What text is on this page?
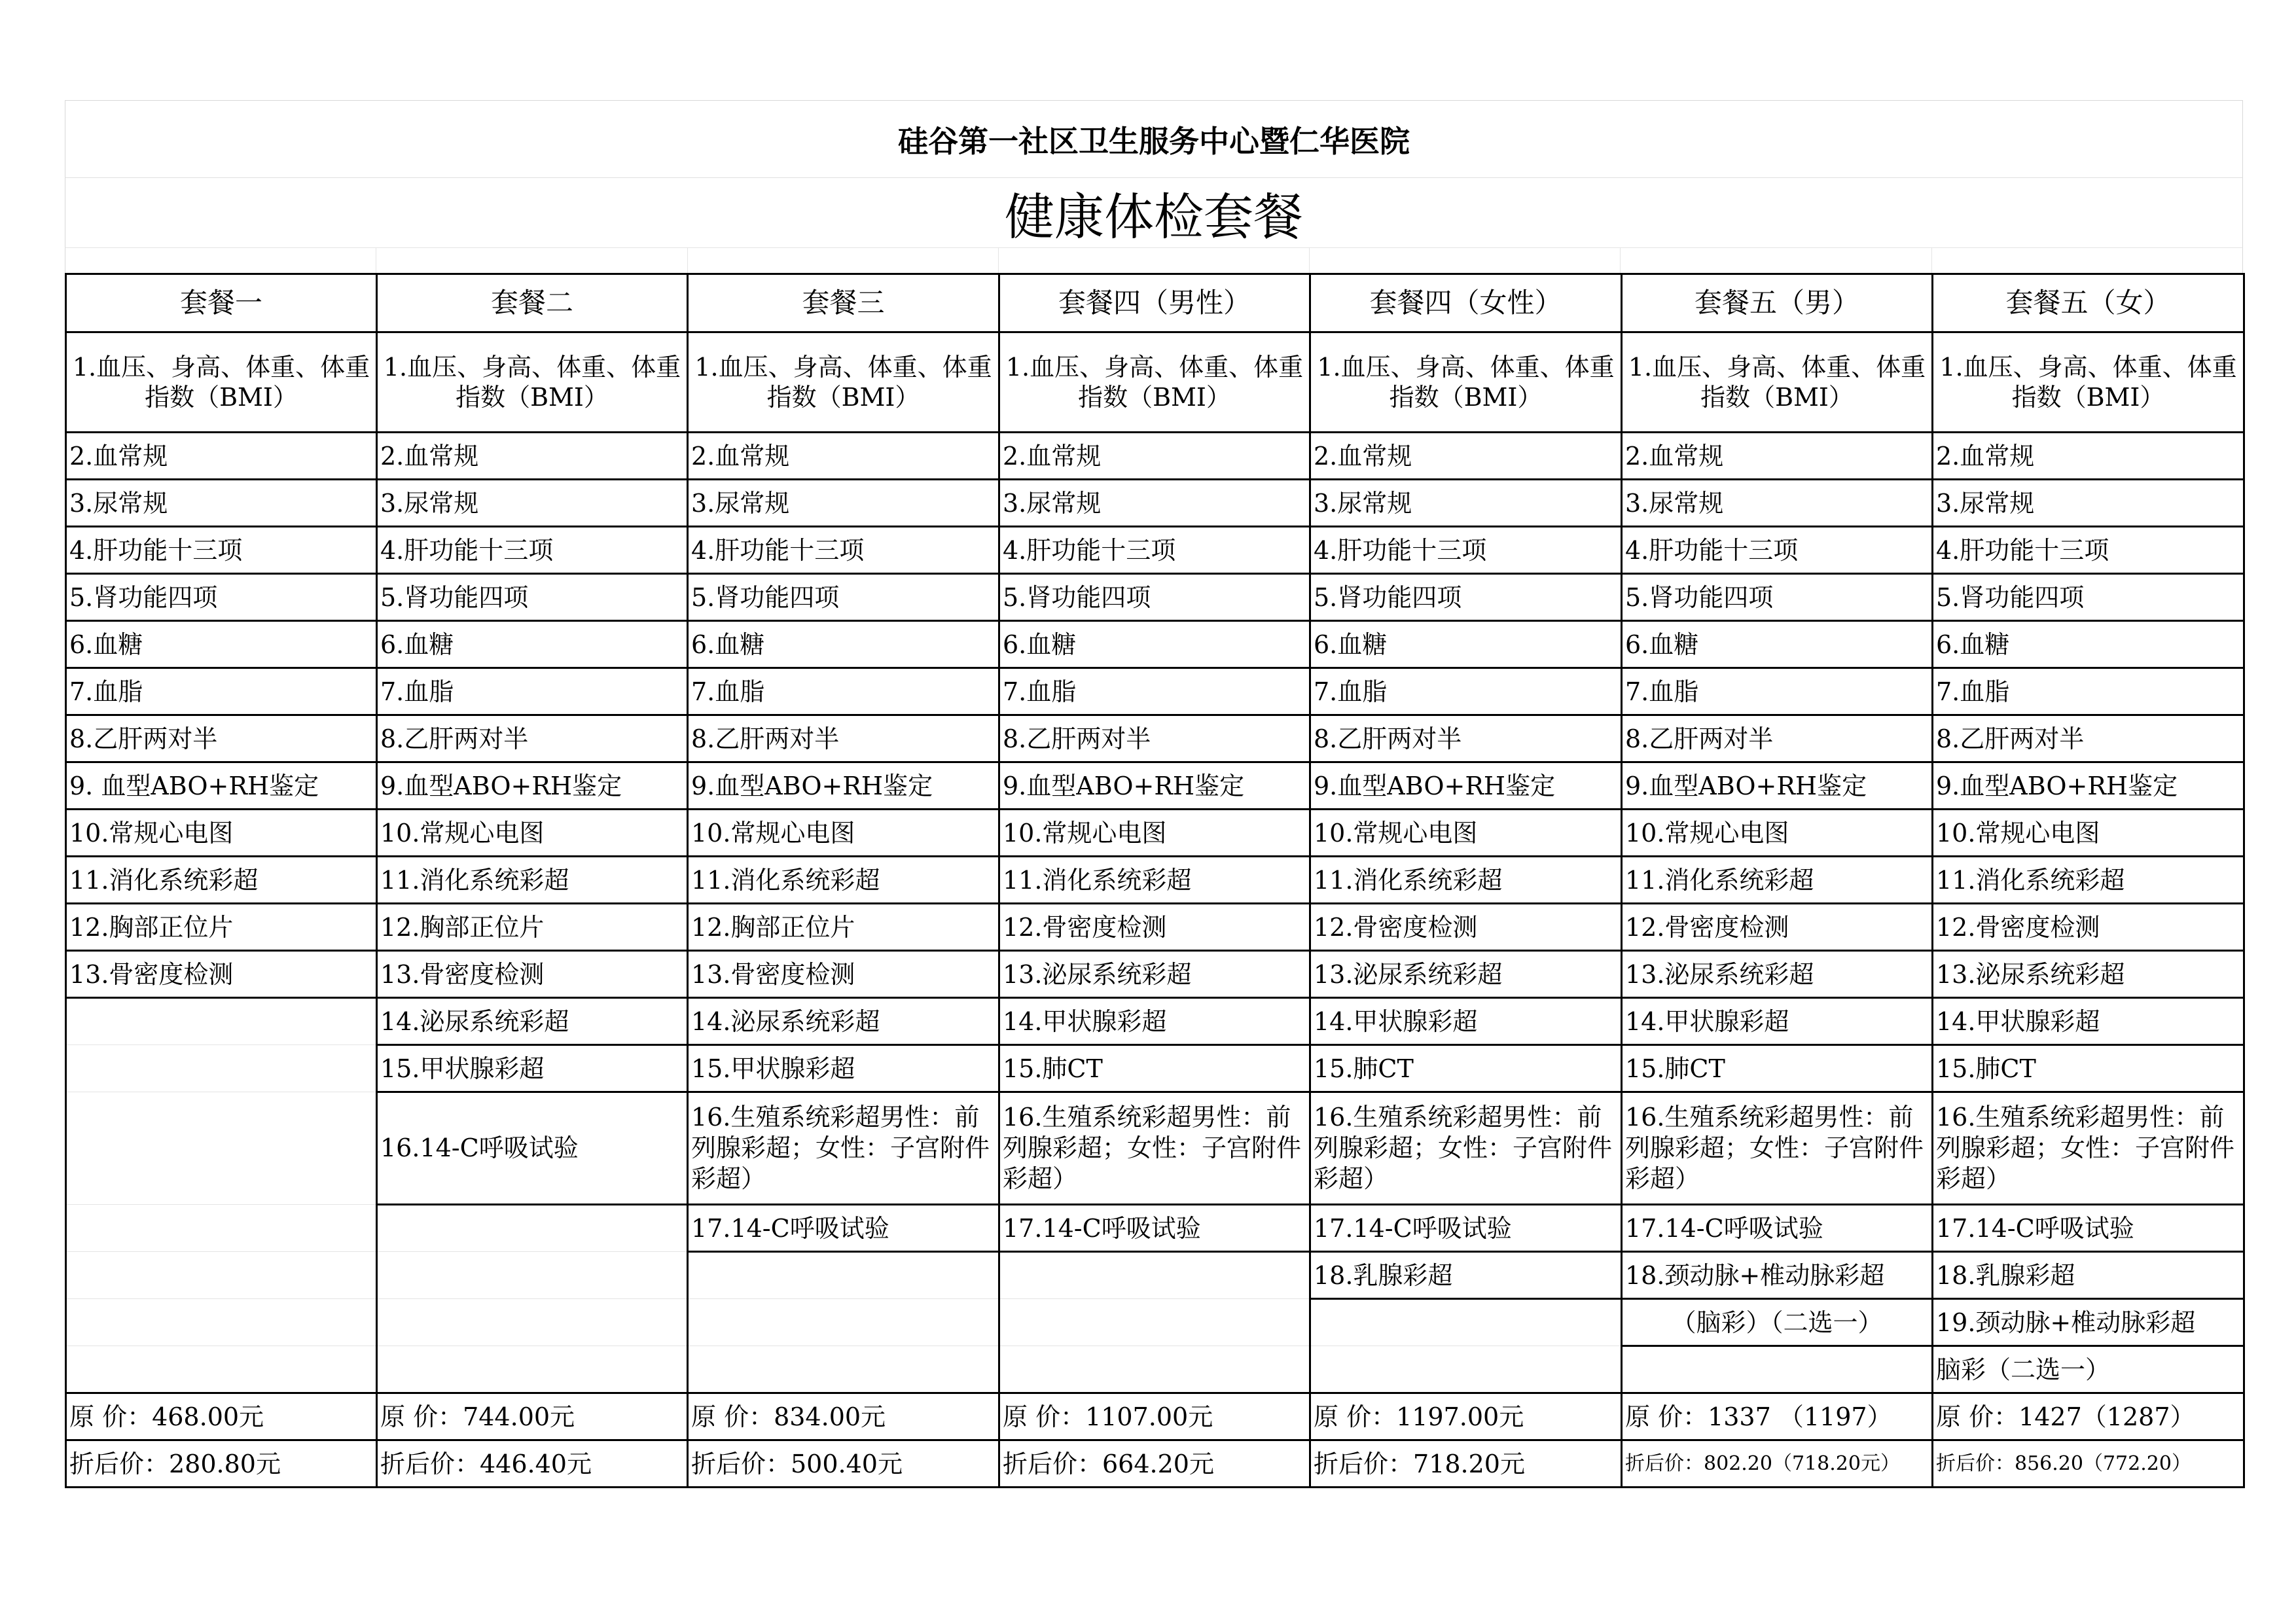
硅谷第一社区卫生服务中心暨仁华医院
健康体检套餐
套餐一	套餐二	套餐三	套餐四（男性）	套餐四（女性）	套餐五（男）	套餐五（女）
1.血压、身高、体重、体重指数（BMI）	1.血压、身高、体重、体重指数（BMI）	1.血压、身高、体重、体重指数（BMI）	1.血压、身高、体重、体重指数（BMI）	1.血压、身高、体重、体重指数（BMI）	1.血压、身高、体重、体重指数（BMI）	1.血压、身高、体重、体重指数（BMI）
2.血常规	2.血常规	2.血常规	2.血常规	2.血常规	2.血常规	2.血常规
3.尿常规	3.尿常规	3.尿常规	3.尿常规	3.尿常规	3.尿常规	3.尿常规
4.肝功能十三项	4.肝功能十三项	4.肝功能十三项	4.肝功能十三项	4.肝功能十三项	4.肝功能十三项	4.肝功能十三项
5.肾功能四项	5.肾功能四项	5.肾功能四项	5.肾功能四项	5.肾功能四项	5.肾功能四项	5.肾功能四项
6.血糖	6.血糖	6.血糖	6.血糖	6.血糖	6.血糖	6.血糖
7.血脂	7.血脂	7.血脂	7.血脂	7.血脂	7.血脂	7.血脂
8.乙肝两对半	8.乙肝两对半	8.乙肝两对半	8.乙肝两对半	8.乙肝两对半	8.乙肝两对半	8.乙肝两对半
9. 血型ABO+RH鉴定	9.血型ABO+RH鉴定	9.血型ABO+RH鉴定	9.血型ABO+RH鉴定	9.血型ABO+RH鉴定	9.血型ABO+RH鉴定	9.血型ABO+RH鉴定
10.常规心电图	10.常规心电图	10.常规心电图	10.常规心电图	10.常规心电图	10.常规心电图	10.常规心电图
11.消化系统彩超	11.消化系统彩超	11.消化系统彩超	11.消化系统彩超	11.消化系统彩超	11.消化系统彩超	11.消化系统彩超
12.胸部正位片	12.胸部正位片	12.胸部正位片	12.骨密度检测	12.骨密度检测	12.骨密度检测	12.骨密度检测
13.骨密度检测	13.骨密度检测	13.骨密度检测	13.泌尿系统彩超	13.泌尿系统彩超	13.泌尿系统彩超	13.泌尿系统彩超
	14.泌尿系统彩超	14.泌尿系统彩超	14.甲状腺彩超	14.甲状腺彩超	14.甲状腺彩超	14.甲状腺彩超
	15.甲状腺彩超	15.甲状腺彩超	15.肺CT	15.肺CT	15.肺CT	15.肺CT
	16.14-C呼吸试验	16.生殖系统彩超男性：前列腺彩超；女性：子宫附件彩超）	16.生殖系统彩超男性：前列腺彩超；女性：子宫附件彩超）	16.生殖系统彩超男性：前列腺彩超；女性：子宫附件彩超）	16.生殖系统彩超男性：前列腺彩超；女性：子宫附件彩超）	16.生殖系统彩超男性：前列腺彩超；女性：子宫附件彩超）
		17.14-C呼吸试验	17.14-C呼吸试验	17.14-C呼吸试验	17.14-C呼吸试验	17.14-C呼吸试验
				18.乳腺彩超	18.颈动脉+椎动脉彩超	18.乳腺彩超
					（脑彩）（二选一）	19.颈动脉+椎动脉彩超
						脑彩（二选一）
原 价：468.00元	原 价：744.00元	原 价：834.00元	原 价：1107.00元	原 价：1197.00元	原 价：1337 （1197）	原 价：1427（1287）
折后价：280.80元	折后价：446.40元	折后价：500.40元	折后价：664.20元	折后价：718.20元	折后价：802.20（718.20元）	折后价：856.20（772.20）
